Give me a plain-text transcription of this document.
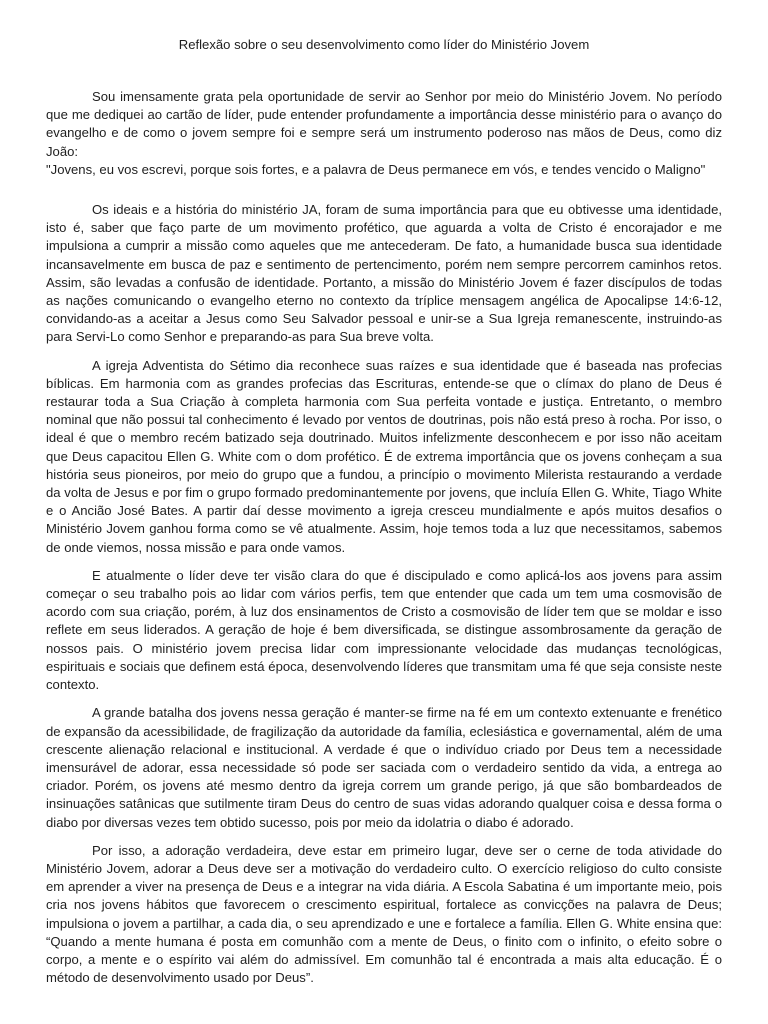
Reflexão sobre o seu desenvolvimento como líder do Ministério Jovem
Sou imensamente grata pela oportunidade de servir ao Senhor por meio do Ministério Jovem. No período que me dediquei ao cartão de líder, pude entender profundamente a importância desse ministério para o avanço do evangelho e de como o jovem sempre foi e sempre será um instrumento poderoso nas mãos de Deus, como diz João:
"Jovens, eu vos escrevi, porque sois fortes, e a palavra de Deus permanece em vós, e tendes vencido o Maligno"
Os ideais e a história do ministério JA, foram de suma importância para que eu obtivesse uma identidade, isto é, saber que faço parte de um movimento profético, que aguarda a volta de Cristo é encorajador e me impulsiona a cumprir a missão como aqueles que me antecederam. De fato, a humanidade busca sua identidade incansavelmente em busca de paz e sentimento de pertencimento, porém nem sempre percorrem caminhos retos. Assim, são levadas a confusão de identidade. Portanto, a missão do Ministério Jovem é fazer discípulos de todas as nações comunicando o evangelho eterno no contexto da tríplice mensagem angélica de Apocalipse 14:6-12, convidando-as a aceitar a Jesus como Seu Salvador pessoal e unir-se a Sua Igreja remanescente, instruindo-as para Servi-Lo como Senhor e preparando-as para Sua breve volta.
A igreja Adventista do Sétimo dia reconhece suas raízes e sua identidade que é baseada nas profecias bíblicas. Em harmonia com as grandes profecias das Escrituras, entende-se que o clímax do plano de Deus é restaurar toda a Sua Criação à completa harmonia com Sua perfeita vontade e justiça. Entretanto, o membro nominal que não possui tal conhecimento é levado por ventos de doutrinas, pois não está preso à rocha. Por isso, o ideal é que o membro recém batizado seja doutrinado. Muitos infelizmente desconhecem e por isso não aceitam que Deus capacitou Ellen G. White com o dom profético. É de extrema importância que os jovens conheçam a sua história seus pioneiros, por meio do grupo que a fundou, a princípio o movimento Milerista restaurando a verdade da volta de Jesus e por fim o grupo formado predominantemente por jovens, que incluía Ellen G. White, Tiago White e o Ancião José Bates. A partir daí desse movimento a igreja cresceu mundialmente e após muitos desafios o Ministério Jovem ganhou forma como se vê atualmente. Assim, hoje temos toda a luz que necessitamos, sabemos de onde viemos, nossa missão e para onde vamos.
E atualmente o líder deve ter visão clara do que é discipulado e como aplicá-los aos jovens para assim começar o seu trabalho pois ao lidar com vários perfis, tem que entender que cada um tem uma cosmovisão de acordo com sua criação, porém, à luz dos ensinamentos de Cristo a cosmovisão de líder tem que se moldar e isso reflete em seus liderados. A geração de hoje é bem diversificada, se distingue assombrosamente da geração de nossos pais. O ministério jovem precisa lidar com impressionante velocidade das mudanças tecnológicas, espirituais e sociais que definem está época, desenvolvendo líderes que transmitam uma fé que seja consiste neste contexto.
A grande batalha dos jovens nessa geração é manter-se firme na fé em um contexto extenuante e frenético de expansão da acessibilidade, de fragilização da autoridade da família, eclesiástica e governamental, além de uma crescente alienação relacional e institucional. A verdade é que o indivíduo criado por Deus tem a necessidade imensurável de adorar, essa necessidade só pode ser saciada com o verdadeiro sentido da vida, a entrega ao criador. Porém, os jovens até mesmo dentro da igreja correm um grande perigo, já que são bombardeados de insinuações satânicas que sutilmente tiram Deus do centro de suas vidas adorando qualquer coisa e dessa forma o diabo por diversas vezes tem obtido sucesso, pois por meio da idolatria o diabo é adorado.
Por isso, a adoração verdadeira, deve estar em primeiro lugar, deve ser o cerne de toda atividade do Ministério Jovem, adorar a Deus deve ser a motivação do verdadeiro culto. O exercício religioso do culto consiste em aprender a viver na presença de Deus e a integrar na vida diária. A Escola Sabatina é um importante meio, pois cria nos jovens hábitos que favorecem o crescimento espiritual, fortalece as convicções na palavra de Deus; impulsiona o jovem a partilhar, a cada dia, o seu aprendizado e une e fortalece a família. Ellen G. White ensina que: “Quando a mente humana é posta em comunhão com a mente de Deus, o finito com o infinito, o efeito sobre o corpo, a mente e o espírito vai além do admissível. Em comunhão tal é encontrada a mais alta educação. É o método de desenvolvimento usado por Deus”.
